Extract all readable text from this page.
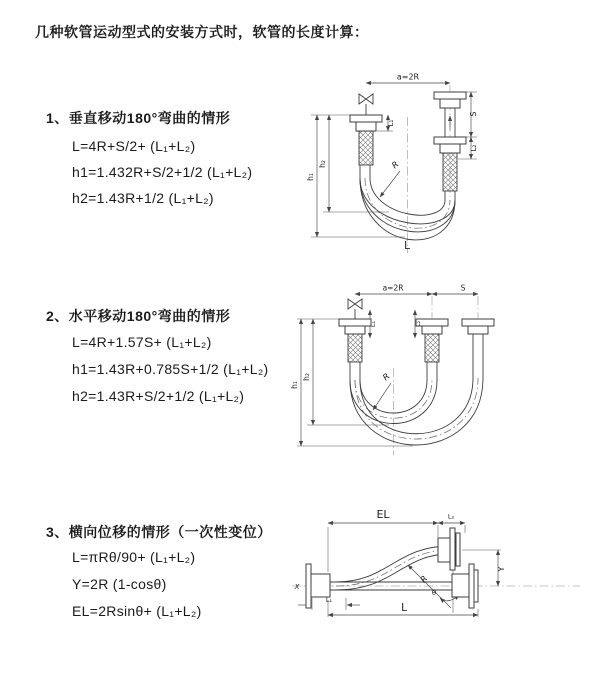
几种软管运动型式的安装方式时，软管的长度计算：
1、垂直移动180°弯曲的情形
L=4R+S/2+ (L₁+L₂)
h1=1.432R+S/2+1/2 (L₁+L₂)
h2=1.43R+1/2 (L₁+L₂)
2、水平移动180°弯曲的情形
L=4R+1.57S+ (L₁+L₂)
h1=1.43R+0.785S+1/2 (L₁+L₂)
h2=1.43R+S/2+1/2 (L₁+L₂)
3、横向位移的情形（一次性变位）
L=πRθ/90+ (L₁+L₂)
Y=2R (1-cosθ)
EL=2Rsinθ+ (L₁+L₂)
a=2R
L₁
S
L₂
h₁
h₂	R
L
a=2R	S
L₁	L₂
h₁
h₂	R
EL	L₂
Y
L
L₁
R
θ
X
